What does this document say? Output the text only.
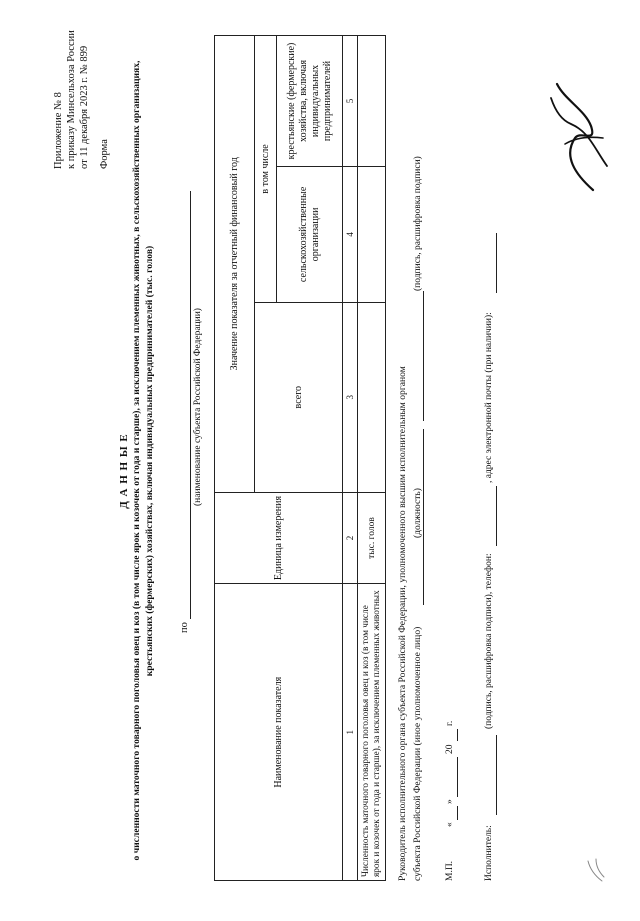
Приложение № 8 к приказу Минсельхоза России от 11 декабря 2023 г. № 899 Форма
Д А Н Н Ы Е о численности маточного товарного поголовья овец и коз (в том числе ярок и козочек от года и старше), за исключением племенных животных, в сельскохозяйственных организациях, крестьянских (фермерских) хозяйствах, включая индивидуальных предпринимателей (тыс. голов) по
(наименование субъекта Российской Федерации)
Наименование показателя	Единица измерения	Значение показателя за отчетный финансовый год		
		всего	в том числе	
			сельскохозяйственные организации	крестьянские (фермерские) хозяйства, включая индивидуальных предпринимателей
1	2	3	4	5
Численность маточного товарного поголовья овец и коз (в том числе ярок и козочек от года и старше), за исключением племенных животных	тыс. голов			Руководитель исполнительного органа субъекта Российской Федерации, уполномоченного высшим исполнительным органом субъекта Российской Федерации (иное уполномоченное лицо)
(должность)
(подпись, расшифровка подписи)
М.П.
«
»
20
г.
Исполнитель:
(подпись, расшифровка подписи), телефон:
, адрес электронной почты (при наличии):
